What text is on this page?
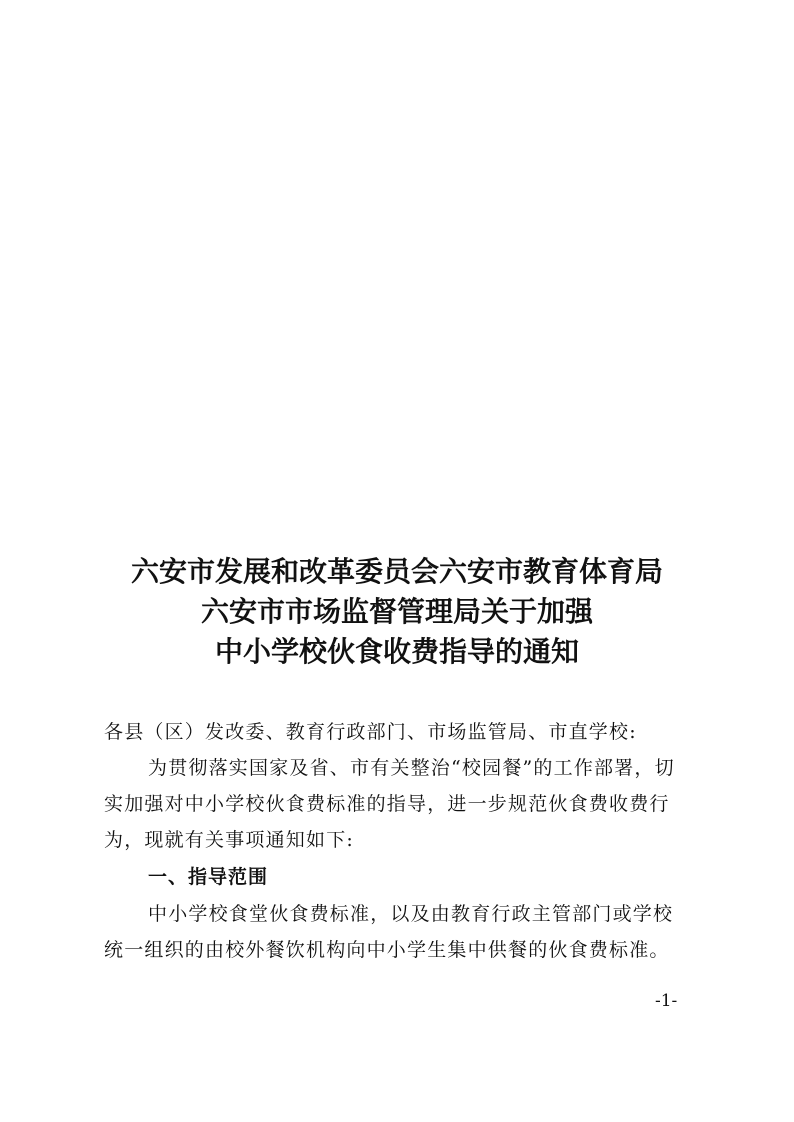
六安市发展和改革委员会六安市教育体育局
六安市市场监督管理局关于加强
中小学校伙食收费指导的通知

各县（区）发改委、教育行政部门、市场监管局、市直学校:

为贯彻落实国家及省、市有关整治“校园餐”的工作部署，切

实加强对中小学校伙食费标准的指导，进一步规范伙食费收费行

为，现就有关事项通知如下:

一、指导范围

中小学校食堂伙食费标准，以及由教育行政主管部门或学校

统一组织的由校外餐饮机构向中小学生集中供餐的伙食费标准。

-1-
